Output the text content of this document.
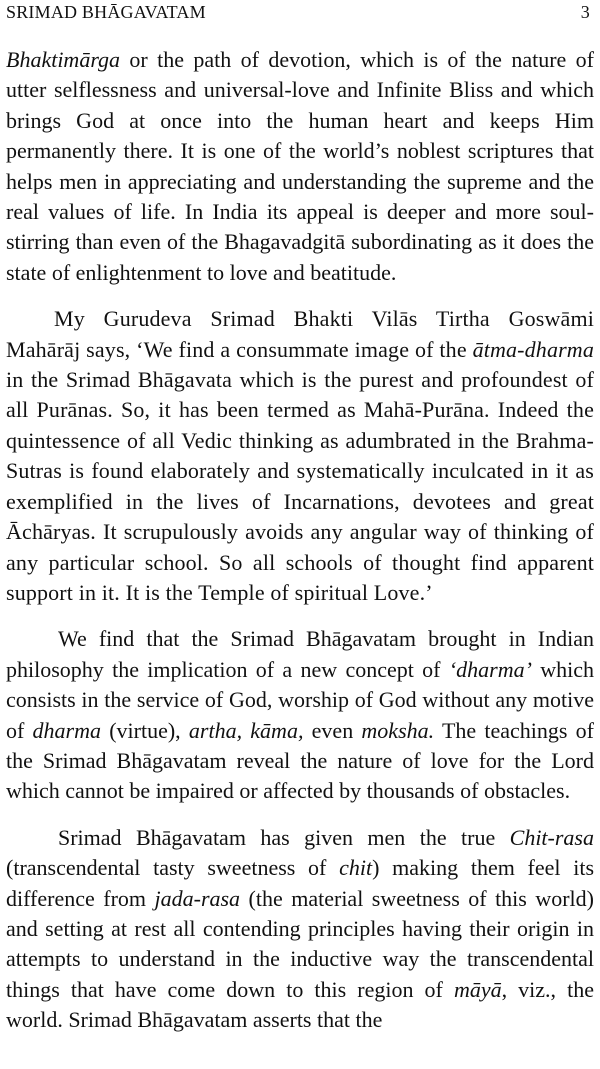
SRIMAD BHĀGAVATAM	3

Bhaktimārga or the path of devotion, which is of the nature of utter selflessness and universal-love and Infinite Bliss and which brings God at once into the human heart and keeps Him permanently there. It is one of the world’s noblest scriptures that helps men in appreciating and understanding the supreme and the real values of life. In India its appeal is deeper and more soul-stirring than even of the Bhagavadgitā subordinating as it does the state of enlightenment to love and beatitude.

My Gurudeva Srimad Bhakti Vilās Tirtha Goswāmi Mahārāj says, ‘We find a consummate image of the ātma-dharma in the Srimad Bhāgavata which is the purest and profoundest of all Purānas. So, it has been termed as Mahā-Purāna. Indeed the quintessence of all Vedic thinking as adumbrated in the Brahma-Sutras is found elaborately and systematically inculcated in it as exemplified in the lives of Incarnations, devotees and great Āchāryas. It scrupulously avoids any angular way of thinking of any particular school. So all schools of thought find apparent support in it. It is the Temple of spiritual Love.’

We find that the Srimad Bhāgavatam brought in Indian philosophy the implication of a new concept of ‘dharma’ which consists in the service of God, worship of God without any motive of dharma (virtue), artha, kāma, even moksha. The teachings of the Srimad Bhāgavatam reveal the nature of love for the Lord which cannot be impaired or affected by thousands of obstacles.

Srimad Bhāgavatam has given men the true Chit-rasa (transcendental tasty sweetness of chit) making them feel its difference from jada-rasa (the material sweetness of this world) and setting at rest all contending principles having their origin in attempts to understand in the inductive way the transcendental things that have come down to this region of māyā, viz., the world. Srimad Bhāgavatam asserts that the
